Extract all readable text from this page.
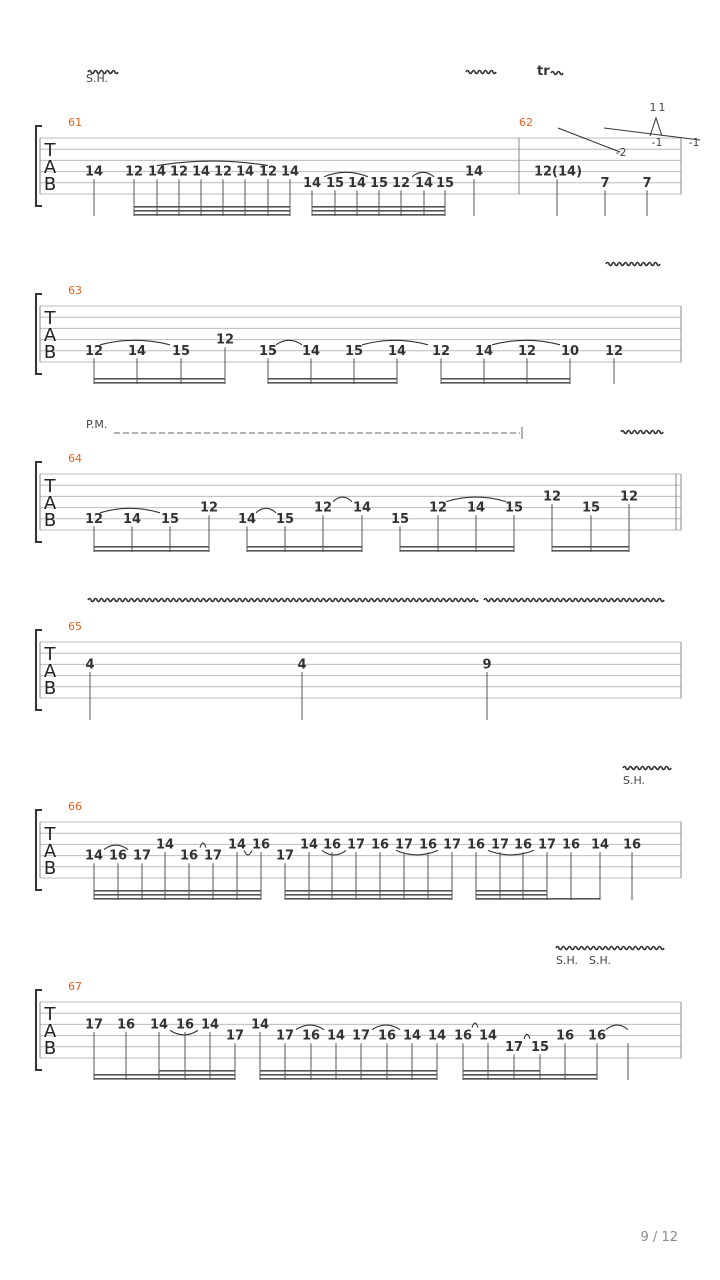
T
A
B
61	62
S.H.	tr
14 12 14 12 14 12 14 12 14
14 15 14 15 12 14 15
14	12(14)
7	7
1 1
-2
-1 -1
T
A
B
63
12 14 15
12
15 14 15 14 12 14 12 10 12
T
A
B
64
P.M.
12 14 15
12
14 15
12 14
15
12 14 15
12
15
12
T
A
B
65
4	4	9
T
A
B
66
S.H.
14 16 17
14
16 17
14 16
17
14 16 17 16 17 16 17 16 17 16 17 16 14 16
T
A
B
67
S.H. S.H.
17 16 14 16 14
17
14
17 16 14 17 16 14 14 16 14
17 15
16 16
9 / 12
